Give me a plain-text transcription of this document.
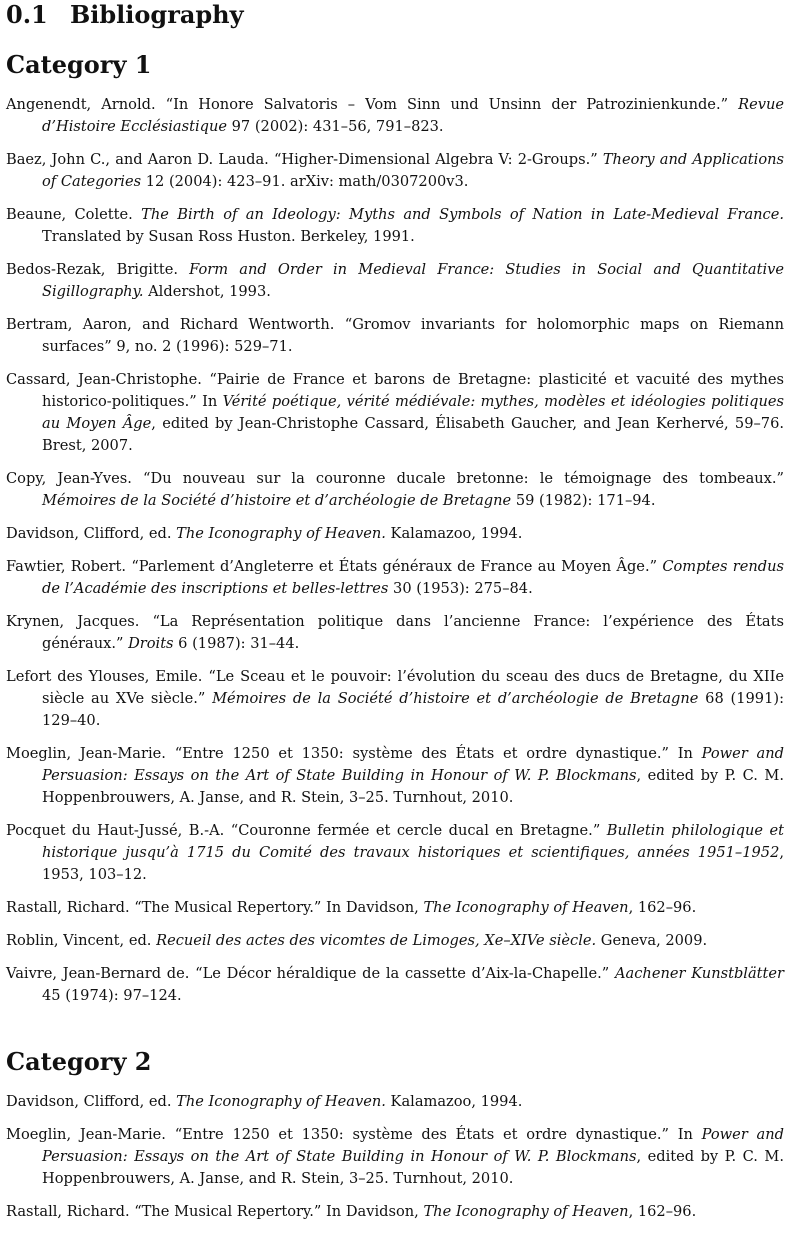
0.1 Bibliography
Category 1
Angenendt, Arnold. “In Honore Salvatoris – Vom Sinn und Unsinn der Patrozinienkunde.” Revue d’Histoire Ecclésiastique 97 (2002): 431–56, 791–823.
Baez, John C., and Aaron D. Lauda. “Higher-Dimensional Algebra V: 2-Groups.” Theory and Applications of Categories 12 (2004): 423–91. arXiv: math/0307200v3.
Beaune, Colette. The Birth of an Ideology: Myths and Symbols of Nation in Late-Medieval France. Translated by Susan Ross Huston. Berkeley, 1991.
Bedos-Rezak, Brigitte. Form and Order in Medieval France: Studies in Social and Quantitative Sigillography. Aldershot, 1993.
Bertram, Aaron, and Richard Wentworth. “Gromov invariants for holomorphic maps on Riemann surfaces” 9, no. 2 (1996): 529–71.
Cassard, Jean-Christophe. “Pairie de France et barons de Bretagne: plasticité et vacuité des mythes historico-politiques.” In Vérité poétique, vérité médiévale: mythes, modèles et idéologies politiques au Moyen Âge, edited by Jean-Christophe Cassard, Élisabeth Gaucher, and Jean Kerhervé, 59–76. Brest, 2007.
Copy, Jean-Yves. “Du nouveau sur la couronne ducale bretonne: le témoignage des tombeaux.” Mémoires de la Société d’histoire et d’archéologie de Bretagne 59 (1982): 171–94.
Davidson, Clifford, ed. The Iconography of Heaven. Kalamazoo, 1994.
Fawtier, Robert. “Parlement d’Angleterre et États généraux de France au Moyen Âge.” Comptes rendus de l’Académie des inscriptions et belles-lettres 30 (1953): 275–84.
Krynen, Jacques. “La Représentation politique dans l’ancienne France: l’expérience des États généraux.” Droits 6 (1987): 31–44.
Lefort des Ylouses, Emile. “Le Sceau et le pouvoir: l’évolution du sceau des ducs de Bretagne, du XIIe siècle au XVe siècle.” Mémoires de la Société d’histoire et d’archéologie de Bretagne 68 (1991): 129–40.
Moeglin, Jean-Marie. “Entre 1250 et 1350: système des États et ordre dynastique.” In Power and Persuasion: Essays on the Art of State Building in Honour of W. P. Blockmans, edited by P. C. M. Hoppenbrouwers, A. Janse, and R. Stein, 3–25. Turnhout, 2010.
Pocquet du Haut-Jussé, B.-A. “Couronne fermée et cercle ducal en Bretagne.” Bulletin philologique et historique jusqu’à 1715 du Comité des travaux historiques et scientifiques, années 1951–1952, 1953, 103–12.
Rastall, Richard. “The Musical Repertory.” In Davidson, The Iconography of Heaven, 162–96.
Roblin, Vincent, ed. Recueil des actes des vicomtes de Limoges, Xe–XIVe siècle. Geneva, 2009.
Vaivre, Jean-Bernard de. “Le Décor héraldique de la cassette d’Aix-la-Chapelle.” Aachener Kunstblätter 45 (1974): 97–124.
Category 2
Davidson, Clifford, ed. The Iconography of Heaven. Kalamazoo, 1994.
Moeglin, Jean-Marie. “Entre 1250 et 1350: système des États et ordre dynastique.” In Power and Persuasion: Essays on the Art of State Building in Honour of W. P. Blockmans, edited by P. C. M. Hoppenbrouwers, A. Janse, and R. Stein, 3–25. Turnhout, 2010.
Rastall, Richard. “The Musical Repertory.” In Davidson, The Iconography of Heaven, 162–96.
